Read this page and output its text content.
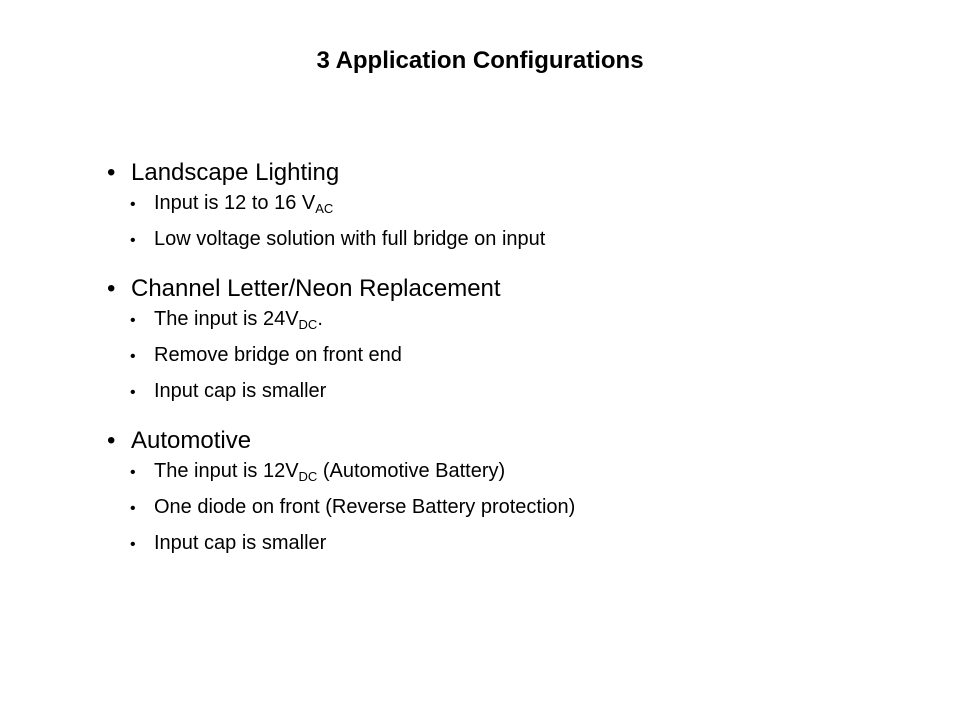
3 Application Configurations
• Landscape Lighting
• Input is 12 to 16 $V_{AC}$
• Low voltage solution with full bridge on input
• Channel Letter/Neon Replacement
• The input is $24V_{DC}$.
• Remove bridge on front end
• Input cap is smaller
• Automotive
• The input is $12V_{DC}$ (Automotive Battery)
• One diode on front (Reverse Battery protection)
• Input cap is smaller
